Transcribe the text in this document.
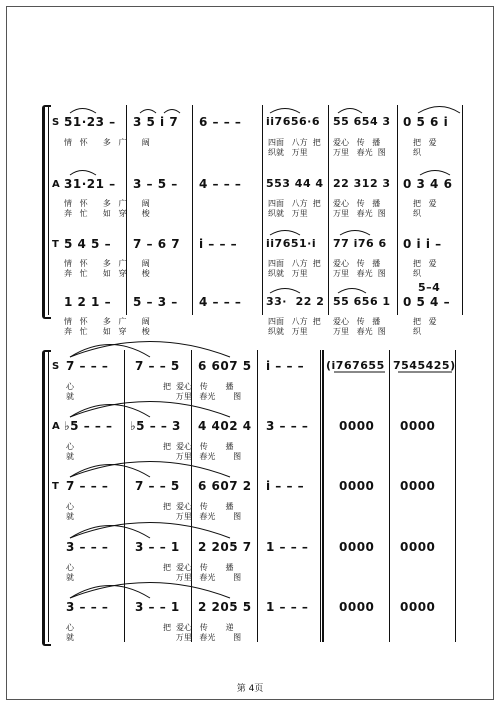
S 51·23 – 3 5 i 7 6 – – – ii7656·6 55 654 3 0 5 6 i
情   怀      多   广      阔	四面   八方  把
织就   万里
爱心   传   播
万里   春光  图
把   爱
织
A 31·21 – 3 – 5 – 4 – – – 553 44 4 22 312 3 0 3 4 6
情   怀      多   广      阔
奔   忙      如   穿      梭
四面   八方  把
织就   万里
爱心   传   播
万里   春光  图
把   爱
织
T 5 4 5 – 7 – 6 7 i – – –	ii7651·i 77 i76 6 0 i i –
情   怀      多   广      阔
奔   忙      如   穿      梭
四面   八方  把
织就   万里
爱心   传   播
万里   春光  图
把   爱
织
1 2 1 – 5 – 3 – 4 – – – 33·  22 2 55 656 1 0 5 4 –
5–4
情   怀      多   广      阔
奔   忙      如   穿      梭
四面   八方  把
织就   万里
爱心   传   播
万里   春光  图
把   爱
织
S 7 – – – 7 – – 5 6 607 5 i – – – (i767655 7545425)
心                                   把  爱心   传       播
就                                        万里   春光       图
A ♭5 – – – ♭5 – – 3 4 402 4 3 – – –	0000 0000
心                                   把  爱心   传       播
就                                        万里   春光       图
T 7 – – – 7 – – 5 6 607 2 i – – –	0000 0000
心                                   把  爱心   传       播
就                                        万里   春光       图
3 – – – 3 – – 1 2 205 7 1 – – –	0000 0000
心                                   把  爱心   传       播
就                                        万里   春光       图
3 – – – 3 – – 1 2 205 5 1 – – –	0000 0000
心                                   把  爱心   传       递
就                                        万里   春光       图
第 4页
